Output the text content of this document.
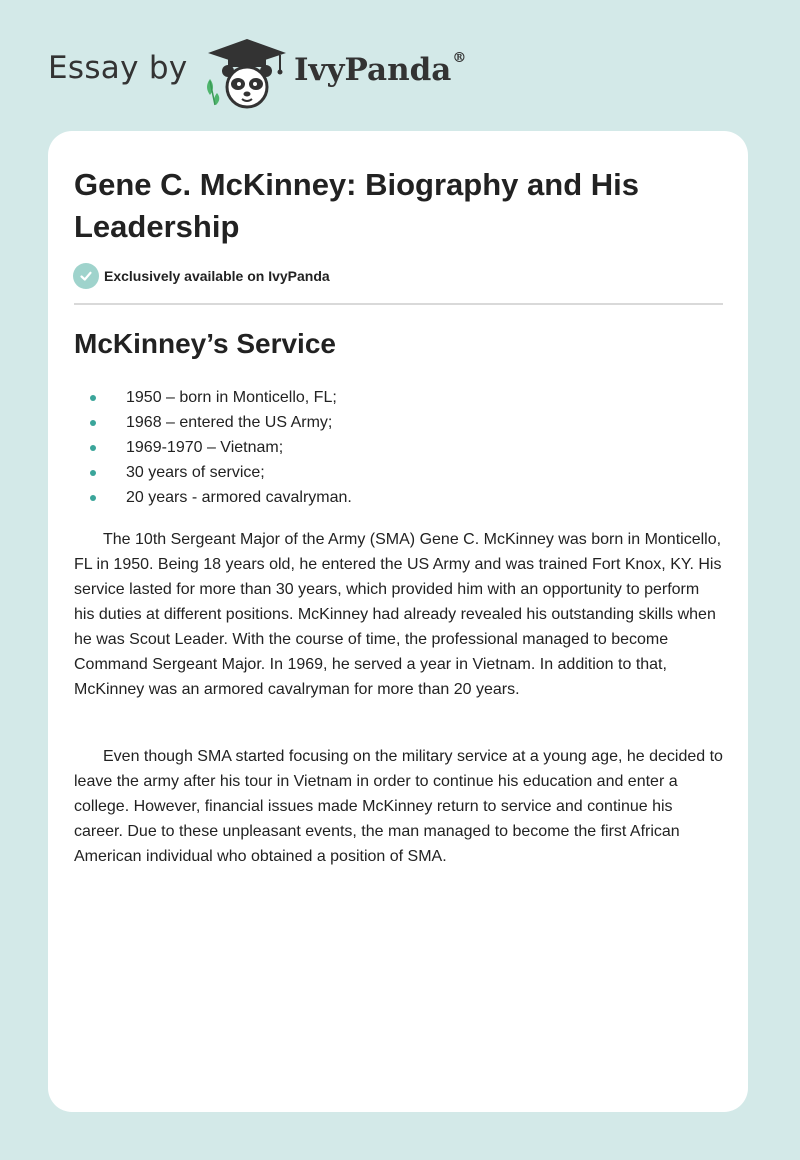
Essay by	IvyPanda®
Gene C. McKinney: Biography and His Leadership
Exclusively available on IvyPanda
McKinney’s Service
1950 – born in Monticello, FL;
1968 – entered the US Army;
1969-1970 – Vietnam;
30 years of service;
20 years - armored cavalryman.

The 10th Sergeant Major of the Army (SMA) Gene C. McKinney was born in Monticello, FL in 1950. Being 18 years old, he entered the US Army and was trained Fort Knox, KY. His service lasted for more than 30 years, which provided him with an opportunity to perform his duties at different positions. McKinney had already revealed his outstanding skills when he was Scout Leader. With the course of time, the professional managed to become Command Sergeant Major. In 1969, he served a year in Vietnam. In addition to that, McKinney was an armored cavalryman for more than 20 years.

Even though SMA started focusing on the military service at a young age, he decided to leave the army after his tour in Vietnam in order to continue his education and enter a college. However, financial issues made McKinney return to service and continue his career. Due to these unpleasant events, the man managed to become the first African American individual who obtained a position of SMA.
